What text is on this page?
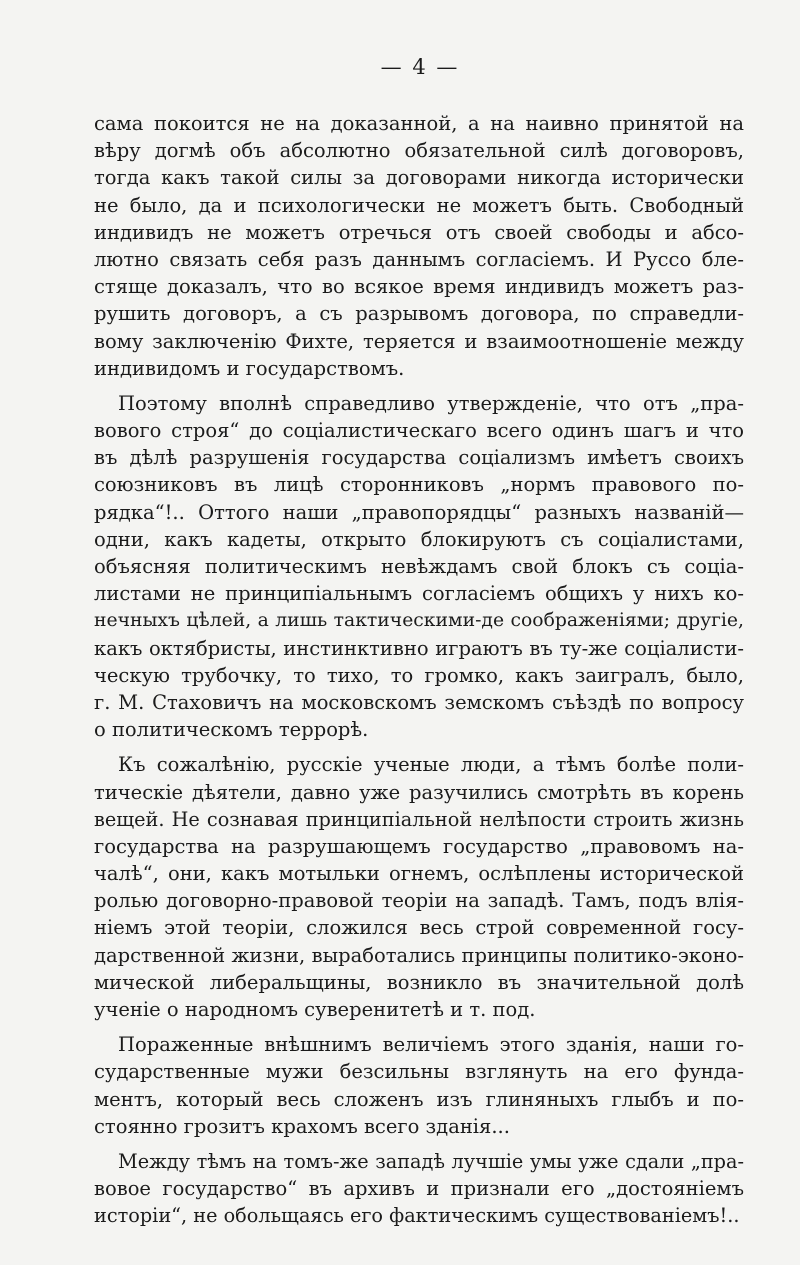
— 4 —
сама покоится не на доказанной, а на наивно принятой на
вѣру догмѣ объ абсолютно обязательной силѣ договоровъ,
тогда какъ такой силы за договорами никогда исторически
не было, да и психологически не можетъ быть. Свободный
индивидъ не можетъ отречься отъ своей свободы и абсо-
лютно связать себя разъ даннымъ согласіемъ. И Руссо бле-
стяще доказалъ, что во всякое время индивидъ можетъ раз-
рушить договоръ, а съ разрывомъ договора, по справедли-
вому заключенію Фихте, теряется и взаимоотношеніе между
индивидомъ и государствомъ.
Поэтому вполнѣ справедливо утвержденіе, что отъ „пра-
вового строя“ до соціалистическаго всего одинъ шагъ и что
въ дѣлѣ разрушенія государства соціализмъ имѣетъ своихъ
союзниковъ въ лицѣ сторонниковъ „нормъ правового по-
рядка“!.. Оттого наши „правопорядцы“ разныхъ названій—
одни, какъ кадеты, открыто блокируютъ съ соціалистами,
объясняя политическимъ невѣждамъ свой блокъ съ соціа-
листами не принципіальнымъ согласіемъ общихъ у нихъ ко-
нечныхъ цѣлей, а лишь тактическими-де соображеніями; другіе,
какъ октябристы, инстинктивно играютъ въ ту-же соціалисти-
ческую трубочку, то тихо, то громко, какъ заигралъ, было,
г. М. Стаховичъ на московскомъ земскомъ съѣздѣ по вопросу
о политическомъ террорѣ.
Къ сожалѣнію, русскіе ученые люди, а тѣмъ болѣе поли-
тическіе дѣятели, давно уже разучились смотрѣть въ корень
вещей. Не сознавая принципіальной нелѣпости строить жизнь
государства на разрушающемъ государство „правовомъ на-
чалѣ“, они, какъ мотыльки огнемъ, ослѣплены исторической
ролью договорно-правовой теоріи на западѣ. Тамъ, подъ влія-
ніемъ этой теоріи, сложился весь строй современной госу-
дарственной жизни, выработались принципы политико-эконо-
мической либеральщины, возникло въ значительной долѣ
ученіе о народномъ суверенитетѣ и т. под.
Пораженные внѣшнимъ величіемъ этого зданія, наши го-
сударственные мужи безсильны взглянуть на его фунда-
ментъ, который весь сложенъ изъ глиняныхъ глыбъ и по-
стоянно грозитъ крахомъ всего зданія...
Между тѣмъ на томъ-же западѣ лучшіе умы уже сдали „пра-
вовое государство“ въ архивъ и признали его „достояніемъ
исторіи“, не обольщаясь его фактическимъ существованіемъ!..
